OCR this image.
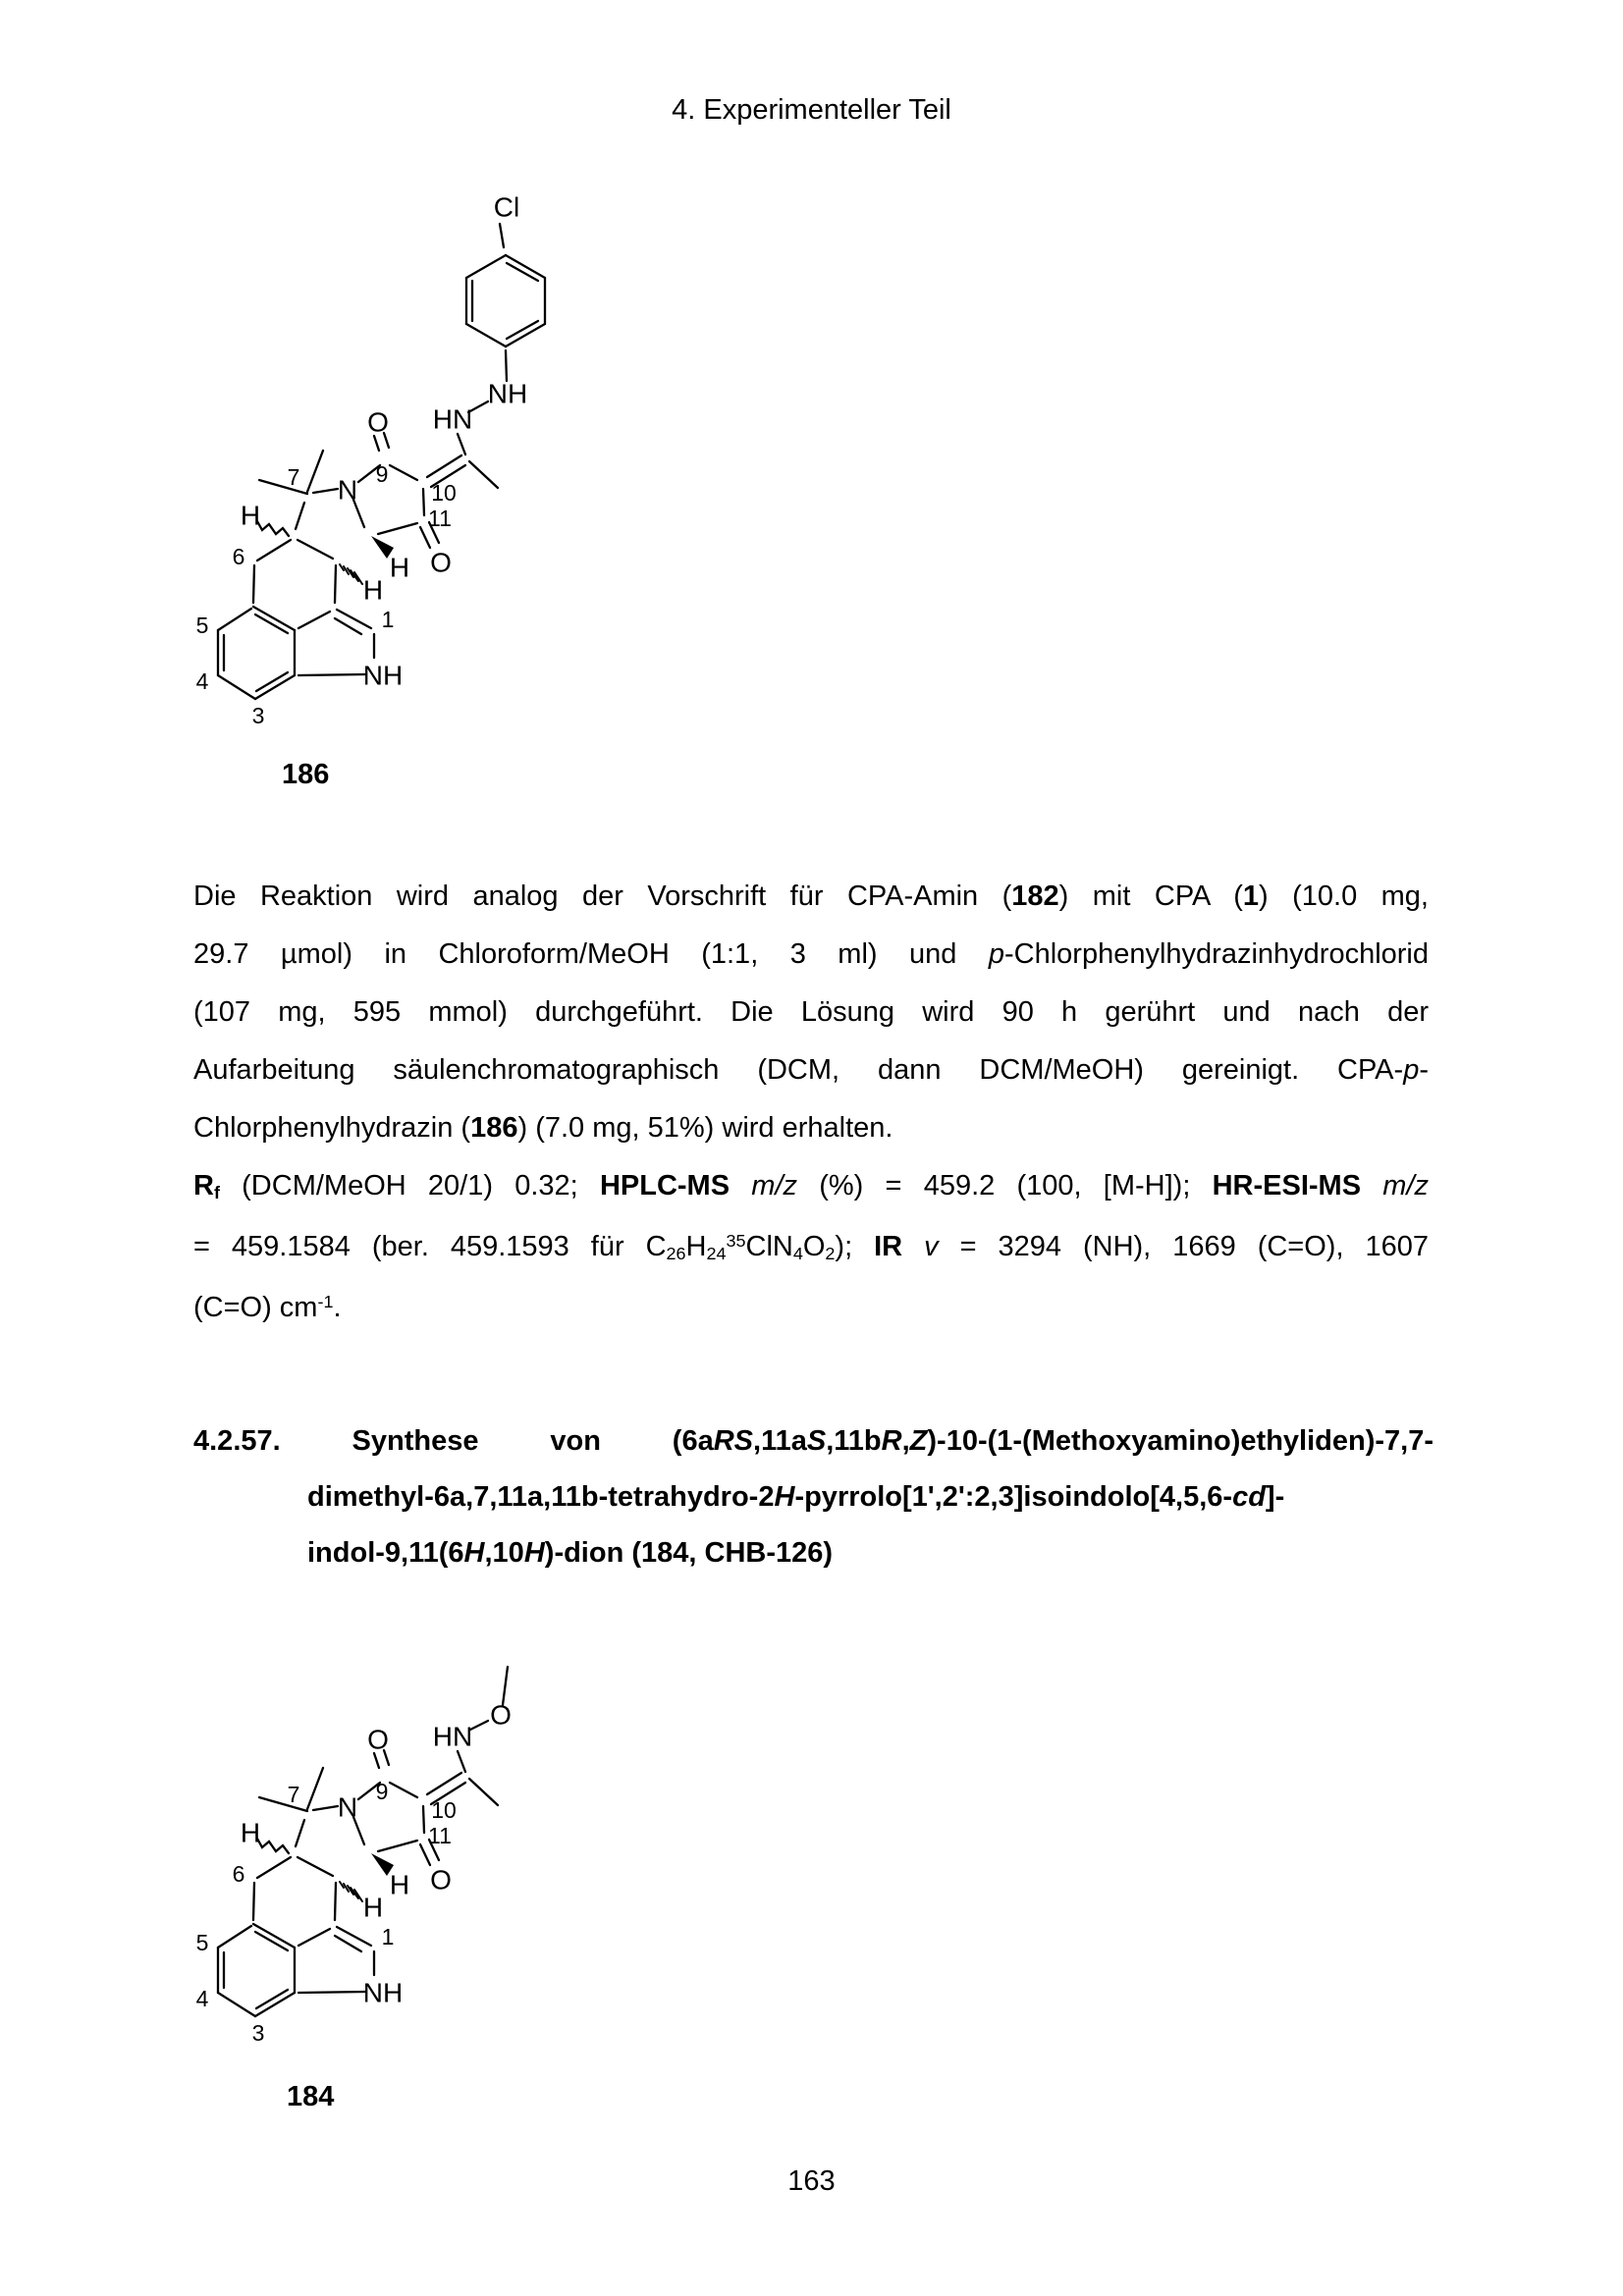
4. Experimenteller Teil
O
N
O
HN
H
H
H
NH
7	9
10
11
6
5
4
3
1
NH
Cl
O
186
184
Die Reaktion wird analog der Vorschrift für CPA-Amin (182) mit CPA (1) (10.0 mg,
29.7 µmol) in Chloroform/MeOH (1:1, 3 ml) und p-Chlorphenylhydrazinhydrochlorid
(107 mg, 595 mmol) durchgeführt. Die Lösung wird 90 h gerührt und nach der
Aufarbeitung säulenchromatographisch (DCM, dann DCM/MeOH) gereinigt. CPA-p-
Chlorphenylhydrazin (186) (7.0 mg, 51%) wird erhalten.
Rf (DCM/MeOH 20/1) 0.32; HPLC-MS m/z (%) = 459.2 (100, [M-H]); HR-ESI-MS m/z
= 459.1584 (ber. 459.1593 für $C26H24^{35}ClN4O2$); IR v = 3294 (NH), 1669 (C=O), 1607
(C=O) $cm^{-1}$.
4.2.57. Synthese von (6aRS,11aS,11bR,Z)-10-(1-(Methoxyamino)ethyliden)-7,7-
dimethyl-6a,7,11a,11b-tetrahydro-2H-pyrrolo[1',2':2,3]isoindolo[4,5,6-cd]-
indol-9,11(6H,10H)-dion (184, CHB-126)
163
